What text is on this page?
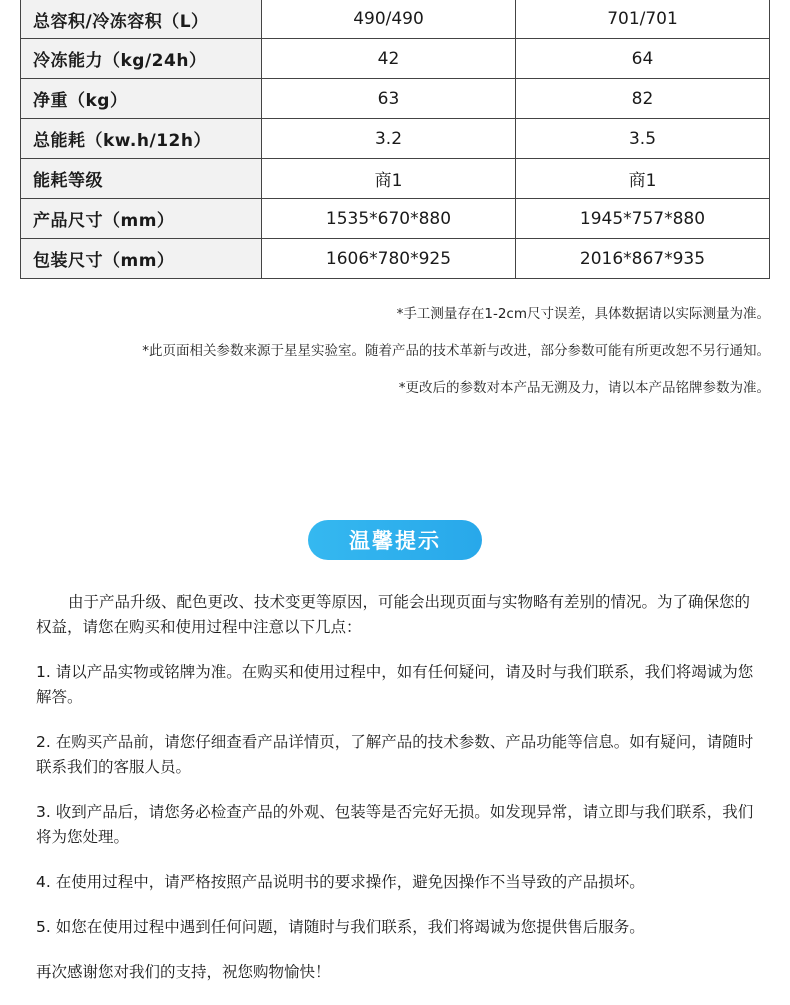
总容积/冷冻容积（L）	490/490	701/701
冷冻能力（kg/24h）	42	64
净重（kg）	63	82
总能耗（kw.h/12h）	3.2	3.5
能耗等级	商1	商1
产品尺寸（mm）	1535*670*880	1945*757*880
包装尺寸（mm）	1606*780*925	2016*867*935
*手工测量存在1-2cm尺寸误差，具体数据请以实际测量为准。
*此页面相关参数来源于星星实验室。随着产品的技术革新与改进，部分参数可能有所更改恕不另行通知。
*更改后的参数对本产品无溯及力，请以本产品铭牌参数为准。
温馨提示

由于产品升级、配色更改、技术变更等原因，可能会出现页面与实物略有差别的情况。为了确保您的权益，请您在购买和使用过程中注意以下几点：

1. 请以产品实物或铭牌为准。在购买和使用过程中，如有任何疑问，请及时与我们联系，我们将竭诚为您解答。

2. 在购买产品前，请您仔细查看产品详情页，了解产品的技术参数、产品功能等信息。如有疑问，请随时联系我们的客服人员。

3. 收到产品后，请您务必检查产品的外观、包装等是否完好无损。如发现异常，请立即与我们联系，我们将为您处理。

4. 在使用过程中，请严格按照产品说明书的要求操作，避免因操作不当导致的产品损坏。

5. 如您在使用过程中遇到任何问题，请随时与我们联系，我们将竭诚为您提供售后服务。

再次感谢您对我们的支持，祝您购物愉快！
